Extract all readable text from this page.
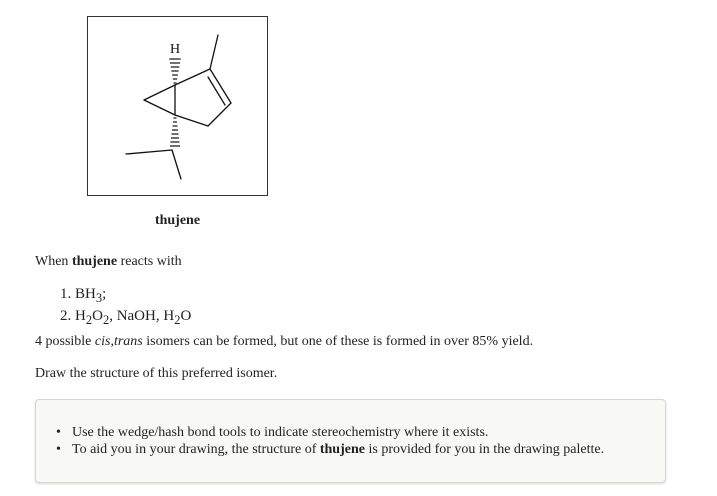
H
thujene
When thujene reacts with
1. $BH_3$;
2. $H_2O_2$, NaOH, $H_2O$
4 possible cis,trans isomers can be formed, but one of these is formed in over 85% yield.
Draw the structure of this preferred isomer.
• Use the wedge/hash bond tools to indicate stereochemistry where it exists.
• To aid you in your drawing, the structure of thujene is provided for you in the drawing palette.
